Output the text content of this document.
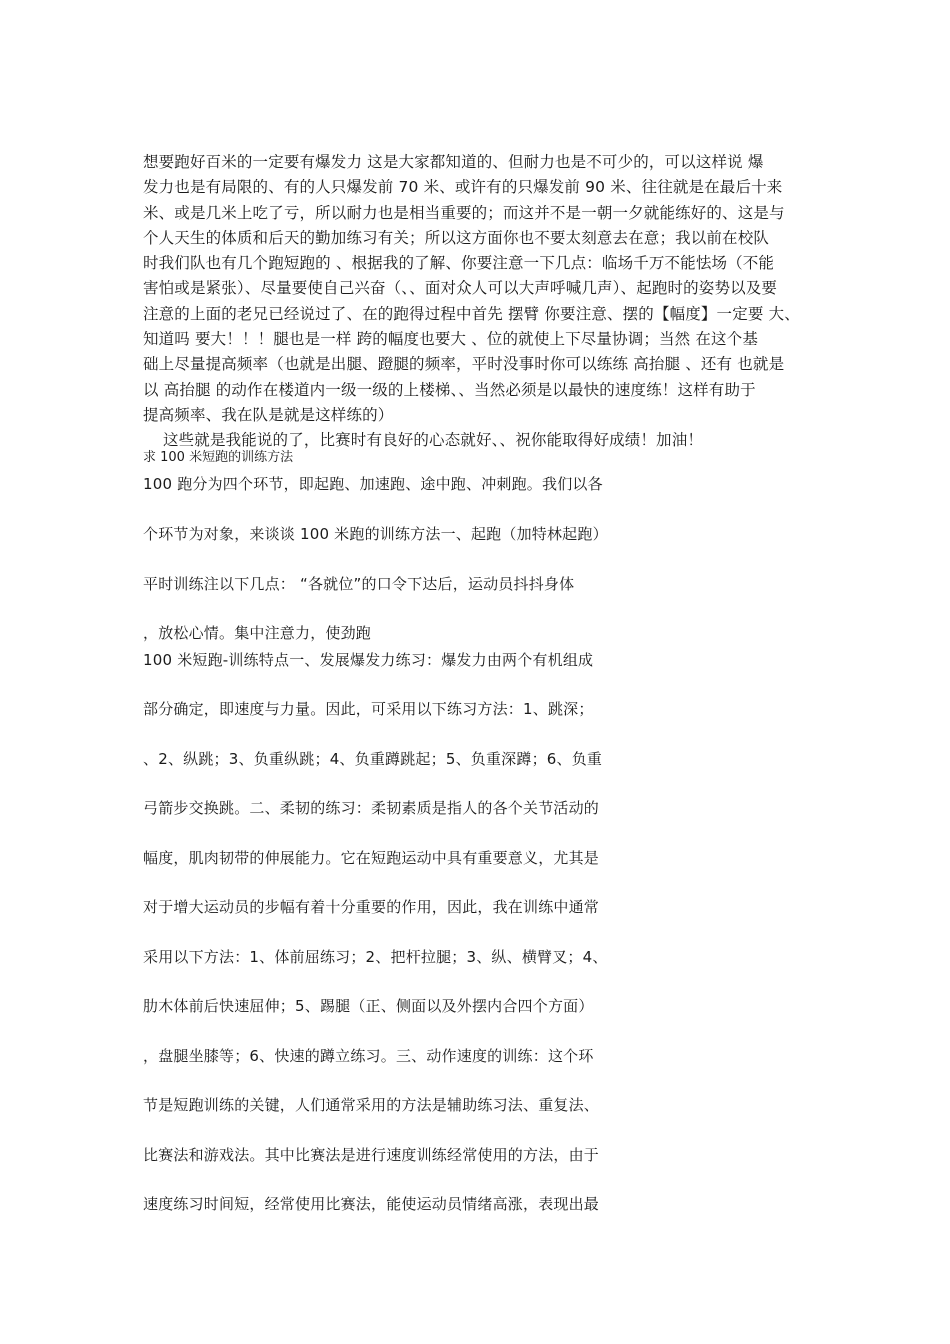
想要跑好百米的一定要有爆发力 这是大家都知道的、但耐力也是不可少的，可以这样说 爆
发力也是有局限的、有的人只爆发前 70 米、或许有的只爆发前 90 米、往往就是在最后十来
米、或是几米上吃了亏，所以耐力也是相当重要的；而这并不是一朝一夕就能练好的、这是与
个人天生的体质和后天的勤加练习有关；所以这方面你也不要太刻意去在意；我以前在校队
时我们队也有几个跑短跑的 、根据我的了解、你要注意一下几点：临场千万不能怯场（不能
害怕或是紧张）、尽量要使自己兴奋（、、面对众人可以大声呼喊几声）、起跑时的姿势以及要
注意的上面的老兄已经说过了、在的跑得过程中首先 摆臂 你要注意、摆的【幅度】一定要 大、
知道吗 要大！！！腿也是一样 跨的幅度也要大 、位的就使上下尽量协调；当然 在这个基
础上尽量提高频率（也就是出腿、蹬腿的频率，平时没事时你可以练练 高抬腿 、还有 也就是
以 高抬腿 的动作在楼道内一级一级的上楼梯、、当然必须是以最快的速度练！这样有助于
提高频率、我在队是就是这样练的）
这些就是我能说的了，比赛时有良好的心态就好、、祝你能取得好成绩！加油！
求 100 米短跑的训练方法
100 跑分为四个环节，即起跑、加速跑、途中跑、冲刺跑。我们以各
个环节为对象，来谈谈 100 米跑的训练方法一、起跑（加特林起跑）
平时训练注以下几点： “各就位”的口令下达后，运动员抖抖身体
，放松心情。集中注意力，使劲跑
100 米短跑-训练特点一、发展爆发力练习：爆发力由两个有机组成
部分确定，即速度与力量。因此，可采用以下练习方法：1、跳深；
、2、纵跳；3、负重纵跳；4、负重蹲跳起；5、负重深蹲；6、负重
弓箭步交换跳。二、柔韧的练习：柔韧素质是指人的各个关节活动的
幅度，肌肉韧带的伸展能力。它在短跑运动中具有重要意义，尤其是
对于增大运动员的步幅有着十分重要的作用，因此，我在训练中通常
采用以下方法：1、体前屈练习；2、把杆拉腿；3、纵、横臂叉；4、
肋木体前后快速屈伸；5、踢腿（正、侧面以及外摆内合四个方面）
，盘腿坐膝等；6、快速的蹲立练习。三、动作速度的训练：这个环
节是短跑训练的关键，人们通常采用的方法是辅助练习法、重复法、
比赛法和游戏法。其中比赛法是进行速度训练经常使用的方法，由于
速度练习时间短，经常使用比赛法，能使运动员情绪高涨，表现出最
